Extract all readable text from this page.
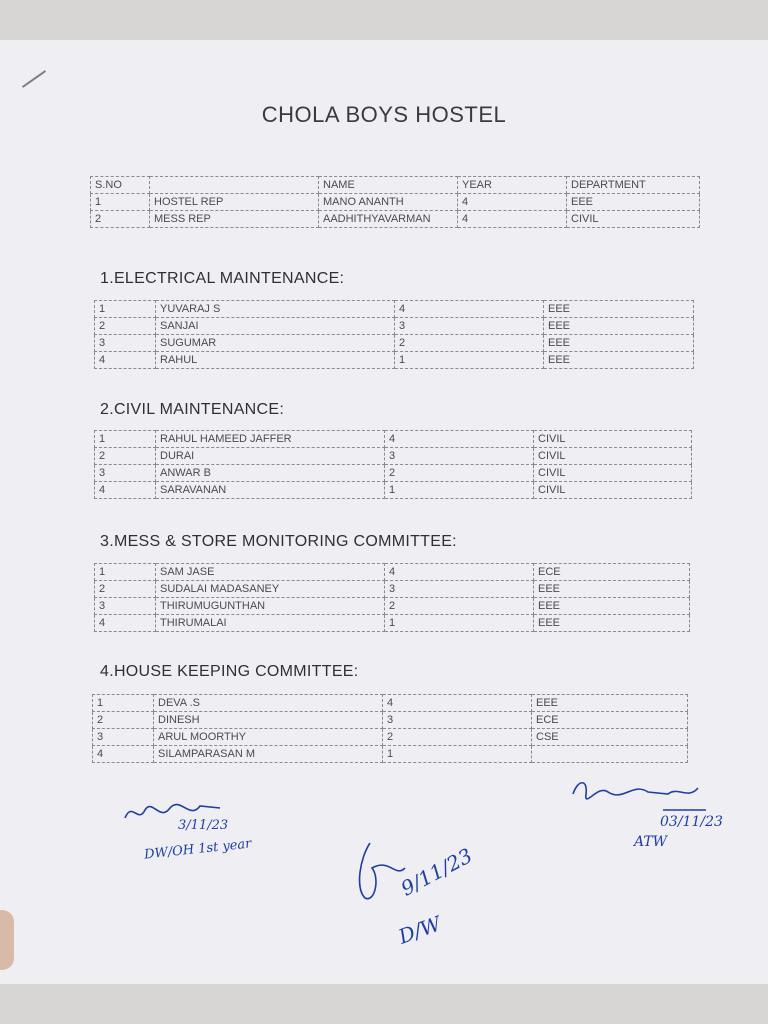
CHOLA BOYS HOSTEL
S.NO		NAME	YEAR	DEPARTMENT
1	HOSTEL REP	MANO ANANTH	4	EEE
2	MESS REP	AADHITHYAVARMAN	4	CIVIL
1.ELECTRICAL MAINTENANCE:
1	YUVARAJ S	4	EEE
2	SANJAI	3	EEE
3	SUGUMAR	2	EEE
4	RAHUL	1	EEE
2.CIVIL MAINTENANCE:
1	RAHUL HAMEED JAFFER	4	CIVIL
2	DURAI	3	CIVIL
3	ANWAR B	2	CIVIL
4	SARAVANAN	1	CIVIL
3.MESS & STORE MONITORING COMMITTEE:
1	SAM JASE	4	ECE
2	SUDALAI MADASANEY	3	EEE
3	THIRUMUGUNTHAN	2	EEE
4	THIRUMALAI	1	EEE
4.HOUSE KEEPING COMMITTEE:
1	DEVA .S	4	EEE
2	DINESH	3	ECE
3	ARUL MOORTHY	2	CSE
4	SILAMPARASAN M	1	
3/11/23
DW/OH 1st year	9/11/23
D/W
03/11/23
ATW
